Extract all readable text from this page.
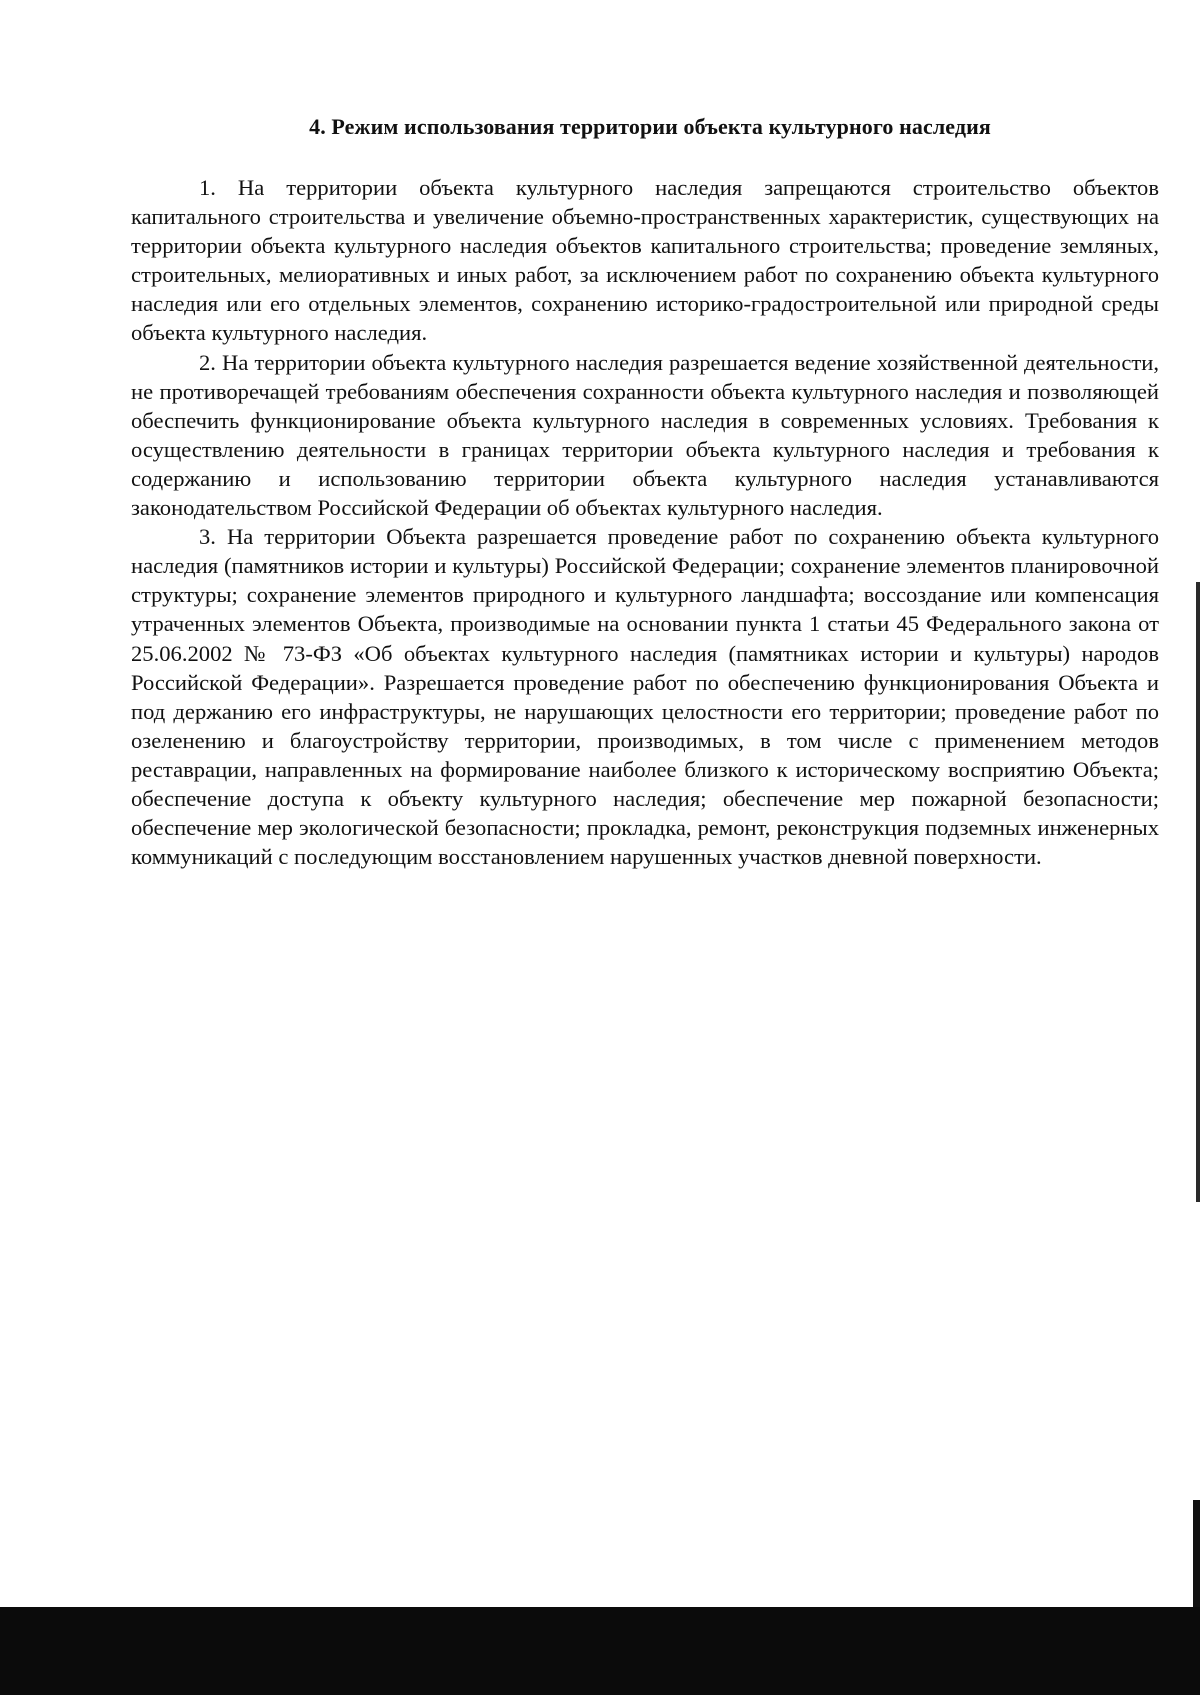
4. Режим использования территории объекта культурного наследия

1. На территории объекта культурного наследия запрещаются строительство объектов капитального строительства и увеличение объемно-пространственных характеристик, существующих на территории объекта культурного наследия объектов капитального строительства; проведение земляных, строительных, мелиоративных и иных работ, за исключением работ по сохранению объекта культурного наследия или его отдельных элементов, сохранению историко-градостроительной или природной среды объекта культурного наследия.

2. На территории объекта культурного наследия разрешается ведение хозяйственной деятельности, не противоречащей требованиям обеспечения сохранности объекта культурного наследия и позволяющей обеспечить функционирование объекта культурного наследия в современных условиях. Требования к осуществлению деятельности в границах территории объекта культурного наследия и требования к содержанию и использованию территории объекта культурного наследия устанавливаются законодательством Российской Федерации об объектах культурного наследия.

3. На территории Объекта разрешается проведение работ по сохранению объекта культурного наследия (памятников истории и культуры) Российской Федерации; сохранение элементов планировочной структуры; сохранение элементов природного и культурного ландшафта; воссоздание или компенсация утраченных элементов Объекта, производимые на основании пункта 1 статьи 45 Федерального закона от 25.06.2002 № 73-ФЗ «Об объектах культурного наследия (памятниках истории и культуры) народов Российской Федерации». Разрешается проведение работ по обеспечению функционирования Объекта и под держанию его инфраструктуры, не нарушающих целостности его территории; проведение работ по озеленению и благоустройству территории, производимых, в том числе с применением методов реставрации, направленных на формирование наиболее близкого к историческому восприятию Объекта; обеспечение доступа к объекту культурного наследия; обеспечение мер пожарной безопасности; обеспечение мер экологической безопасности; прокладка, ремонт, реконструкция подземных инженерных коммуникаций с последующим восстановлением нарушенных участков дневной поверхности.
